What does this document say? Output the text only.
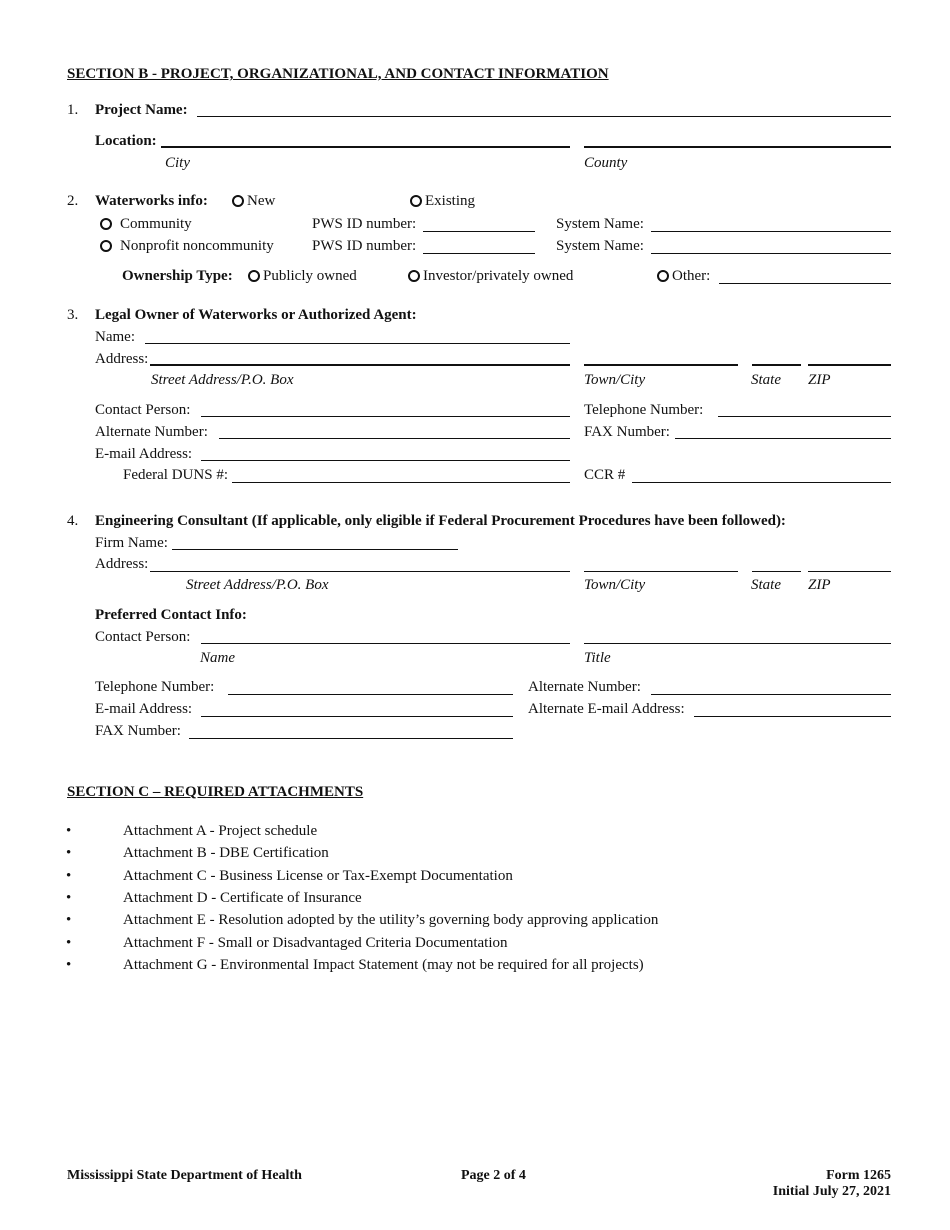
SECTION B - PROJECT, ORGANIZATIONAL, AND CONTACT INFORMATION
1. Project Name:
Location:
City	County
2. Waterworks info:	New	Existing
Community	PWS ID number:	System Name:
Nonprofit noncommunity	PWS ID number:	System Name:
Ownership Type:	Publicly owned	Investor/privately owned	Other:
3. Legal Owner of Waterworks or Authorized Agent:
Name:
Address:
Street Address/P.O. Box	Town/City	State ZIP
Contact Person:	Telephone Number:
Alternate Number:	FAX Number:
E-mail Address:
Federal DUNS #:	CCR #
4. Engineering Consultant (If applicable, only eligible if Federal Procurement Procedures have been followed):
Firm Name:
Address:
Street Address/P.O. Box	Town/City	State ZIP
Preferred Contact Info:
Contact Person:
Name	Title
Telephone Number:	Alternate Number:
E-mail Address:	Alternate E-mail Address:
FAX Number:
SECTION C – REQUIRED ATTACHMENTS
•	Attachment A - Project schedule
•	Attachment B - DBE Certification
•	Attachment C - Business License or Tax-Exempt Documentation
•	Attachment D - Certificate of Insurance
•	Attachment E - Resolution adopted by the utility’s governing body approving application
•	Attachment F - Small or Disadvantaged Criteria Documentation
•	Attachment G - Environmental Impact Statement (may not be required for all projects)
Mississippi State Department of Health	Page 2 of 4	Form 1265
Initial July 27, 2021
